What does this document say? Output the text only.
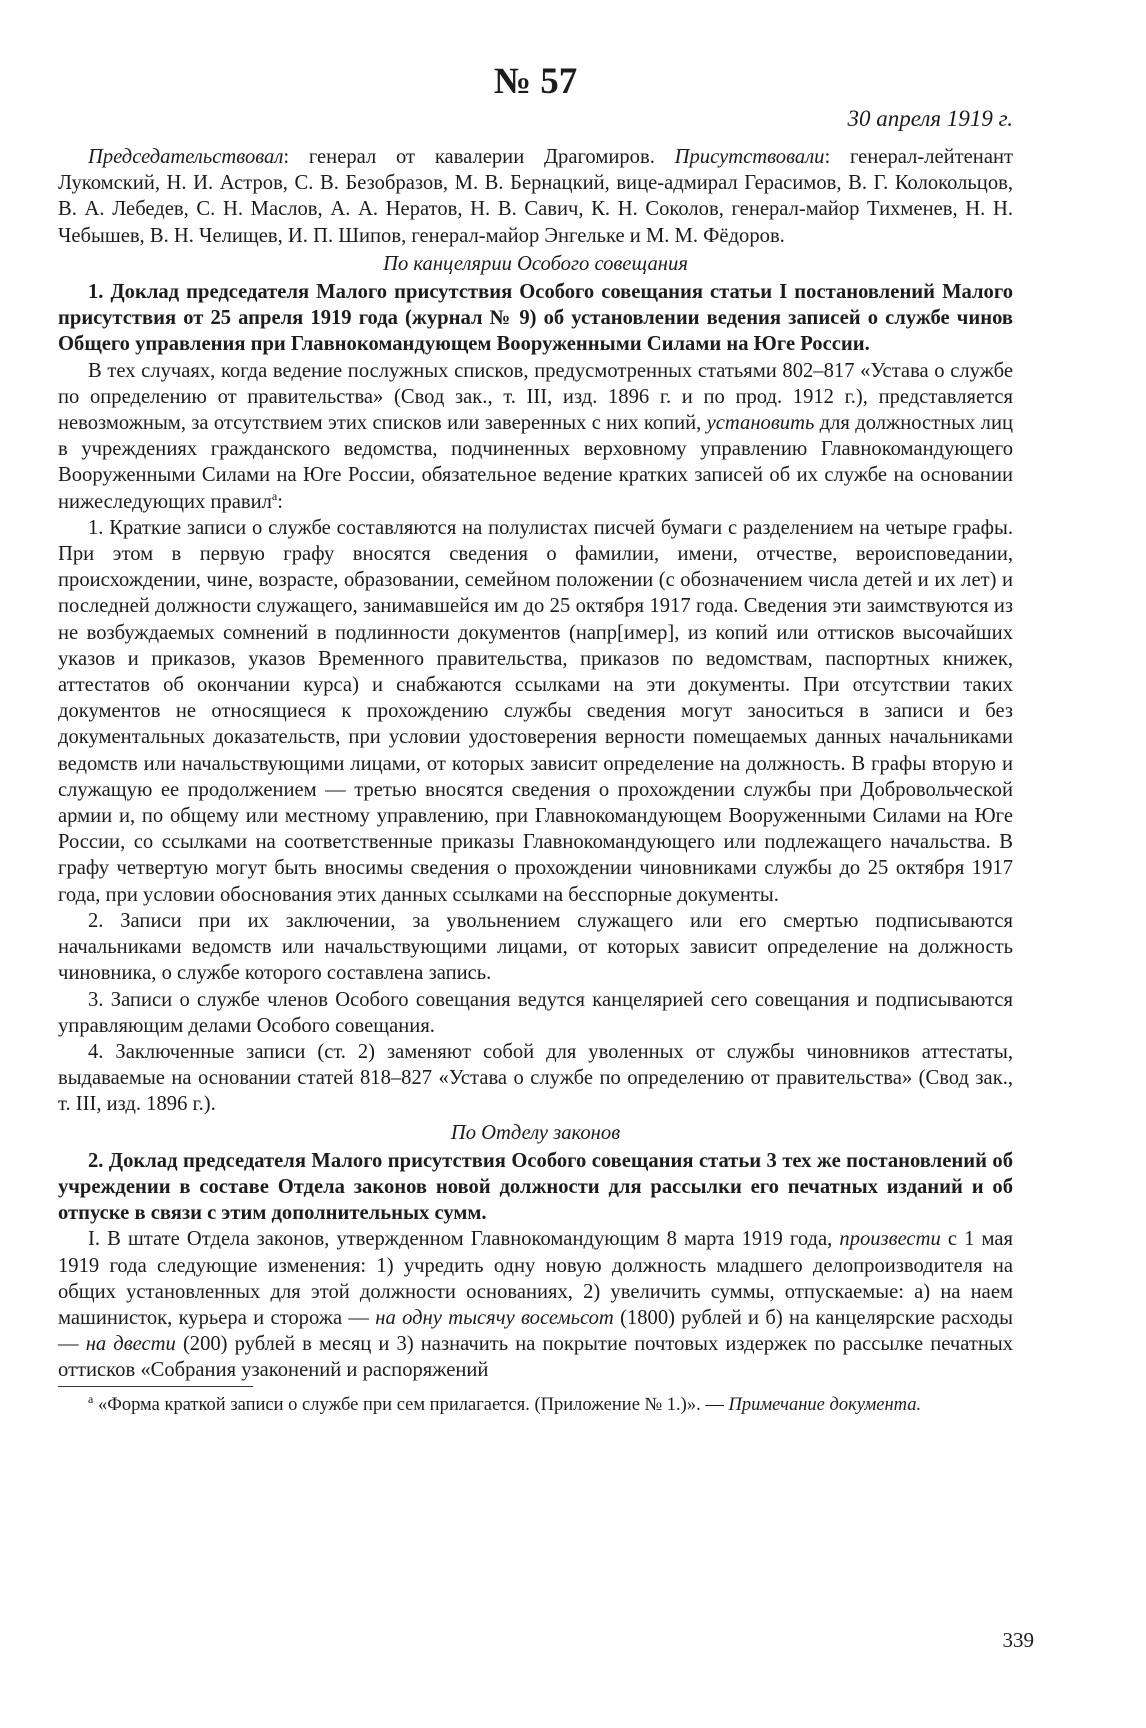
№ 57
30 апреля 1919 г.

Председательствовал: генерал от кавалерии Драгомиров. Присутствовали: генерал-лейтенант Лукомский, Н. И. Астров, С. В. Безобразов, М. В. Бернацкий, вице-адмирал Герасимов, В. Г. Колокольцов, В. А. Лебедев, С. Н. Маслов, А. А. Нератов, Н. В. Савич, К. Н. Соколов, генерал-майор Тихменев, Н. Н. Чебышев, В. Н. Челищев, И. П. Шипов, генерал-майор Энгельке и М. М. Фёдоров.

По канцелярии Особого совещания

1. Доклад председателя Малого присутствия Особого совещания статьи I постановлений Малого присутствия от 25 апреля 1919 года (журнал № 9) об установлении ведения записей о службе чинов Общего управления при Главнокомандующем Вооруженными Силами на Юге России.

В тех случаях, когда ведение послужных списков, предусмотренных статьями 802–817 «Устава о службе по определению от правительства» (Свод зак., т. III, изд. 1896 г. и по прод. 1912 г.), представляется невозможным, за отсутствием этих списков или заверенных с них копий, установить для должностных лиц в учреждениях гражданского ведомства, подчиненных верховному управлению Главнокомандующего Вооруженными Силами на Юге России, обязательное ведение кратких записей об их службе на основании нижеследующих правил$^а$:

1. Краткие записи о службе составляются на полулистах писчей бумаги с разделением на четыре графы. При этом в первую графу вносятся сведения о фамилии, имени, отчестве, вероисповедании, происхождении, чине, возрасте, образовании, семейном положении (с обозначением числа детей и их лет) и последней должности служащего, занимавшейся им до 25 октября 1917 года. Сведения эти заимствуются из не возбуждаемых сомнений в подлинности документов (напр[имер], из копий или оттисков высочайших указов и приказов, указов Временного правительства, приказов по ведомствам, паспортных книжек, аттестатов об окончании курса) и снабжаются ссылками на эти документы. При отсутствии таких документов не относящиеся к прохождению службы сведения могут заноситься в записи и без документальных доказательств, при условии удостоверения верности помещаемых данных начальниками ведомств или начальствующими лицами, от которых зависит определение на должность. В графы вторую и служащую ее продолжением — третью вносятся сведения о прохождении службы при Добровольческой армии и, по общему или местному управлению, при Главнокомандующем Вооруженными Силами на Юге России, со ссылками на соответственные приказы Главнокомандующего или подлежащего начальства. В графу четвертую могут быть вносимы сведения о прохождении чиновниками службы до 25 октября 1917 года, при условии обоснования этих данных ссылками на бесспорные документы.

2. Записи при их заключении, за увольнением служащего или его смертью подписываются начальниками ведомств или начальствующими лицами, от которых зависит определение на должность чиновника, о службе которого составлена запись.

3. Записи о службе членов Особого совещания ведутся канцелярией сего совещания и подписываются управляющим делами Особого совещания.

4. Заключенные записи (ст. 2) заменяют собой для уволенных от службы чиновников аттестаты, выдаваемые на основании статей 818–827 «Устава о службе по определению от правительства» (Свод зак., т. III, изд. 1896 г.).

По Отделу законов

2. Доклад председателя Малого присутствия Особого совещания статьи 3 тех же постановлений об учреждении в составе Отдела законов новой должности для рассылки его печатных изданий и об отпуске в связи с этим дополнительных сумм.

I. В штате Отдела законов, утвержденном Главнокомандующим 8 марта 1919 года, произвести с 1 мая 1919 года следующие изменения: 1) учредить одну новую должность младшего делопроизводителя на общих установленных для этой должности основаниях, 2) увеличить суммы, отпускаемые: а) на наем машинисток, курьера и сторожа — на одну тысячу восемьсот (1800) рублей и б) на канцелярские расходы — на двести (200) рублей в месяц и 3) назначить на покрытие почтовых издержек по рассылке печатных оттисков «Собрания узаконений и распоряжений

$^а$ «Форма краткой записи о службе при сем прилагается. (Приложение № 1.)». — Примечание документа.
339
